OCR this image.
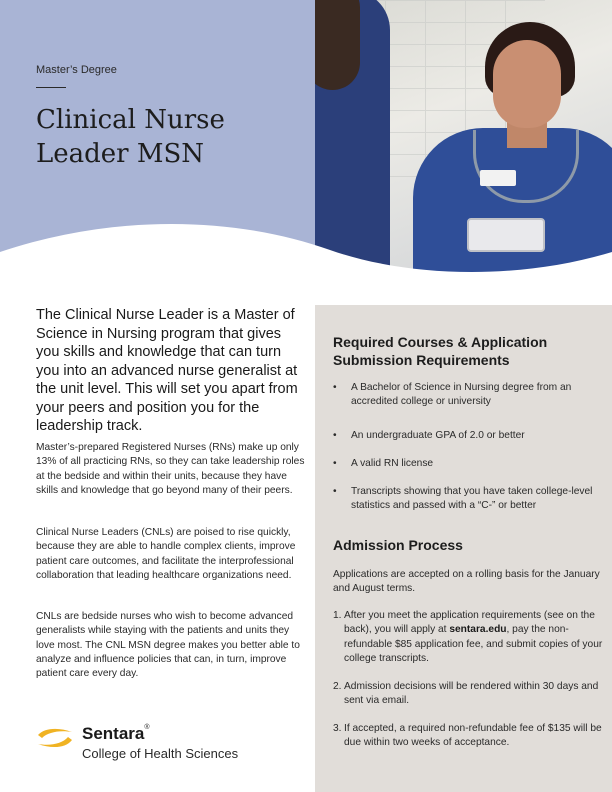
Master’s Degree
Clinical Nurse
Leader MSN

The Clinical Nurse Leader is a Master of Science in Nursing program that gives you skills and knowledge that can turn you into an advanced nurse generalist at the unit level. This will set you apart from your peers and position you for the leadership track.

Master’s-prepared Registered Nurses (RNs) make up only 13% of all practicing RNs, so they can take leadership roles at the bedside and within their units, because they have skills and knowledge that go beyond many of their peers.

Clinical Nurse Leaders (CNLs) are poised to rise quickly, because they are able to handle complex clients, improve patient care outcomes, and facilitate the interprofessional collaboration that leading healthcare organizations need.

CNLs are bedside nurses who wish to become advanced generalists while staying with the patients and units they love most. The CNL MSN degree makes you better able to analyze and influence policies that can, in turn, improve patient care every day.

Sentara®
College of Health Sciences
Required Courses & Application Submission Requirements
• A Bachelor of Science in Nursing degree from an accredited college or university
• An undergraduate GPA of 2.0 or better
• A valid RN license
• Transcripts showing that you have taken college-level statistics and passed with a “C-” or better
Admission Process

Applications are accepted on a rolling basis for the January and August terms.

1. After you meet the application requirements (see on the back), you will apply at sentara.edu, pay the non-refundable $85 application fee, and submit copies of your college transcripts.
2. Admission decisions will be rendered within 30 days and sent via email.
3. If accepted, a required non-refundable fee of $135 will be due within two weeks of acceptance.
